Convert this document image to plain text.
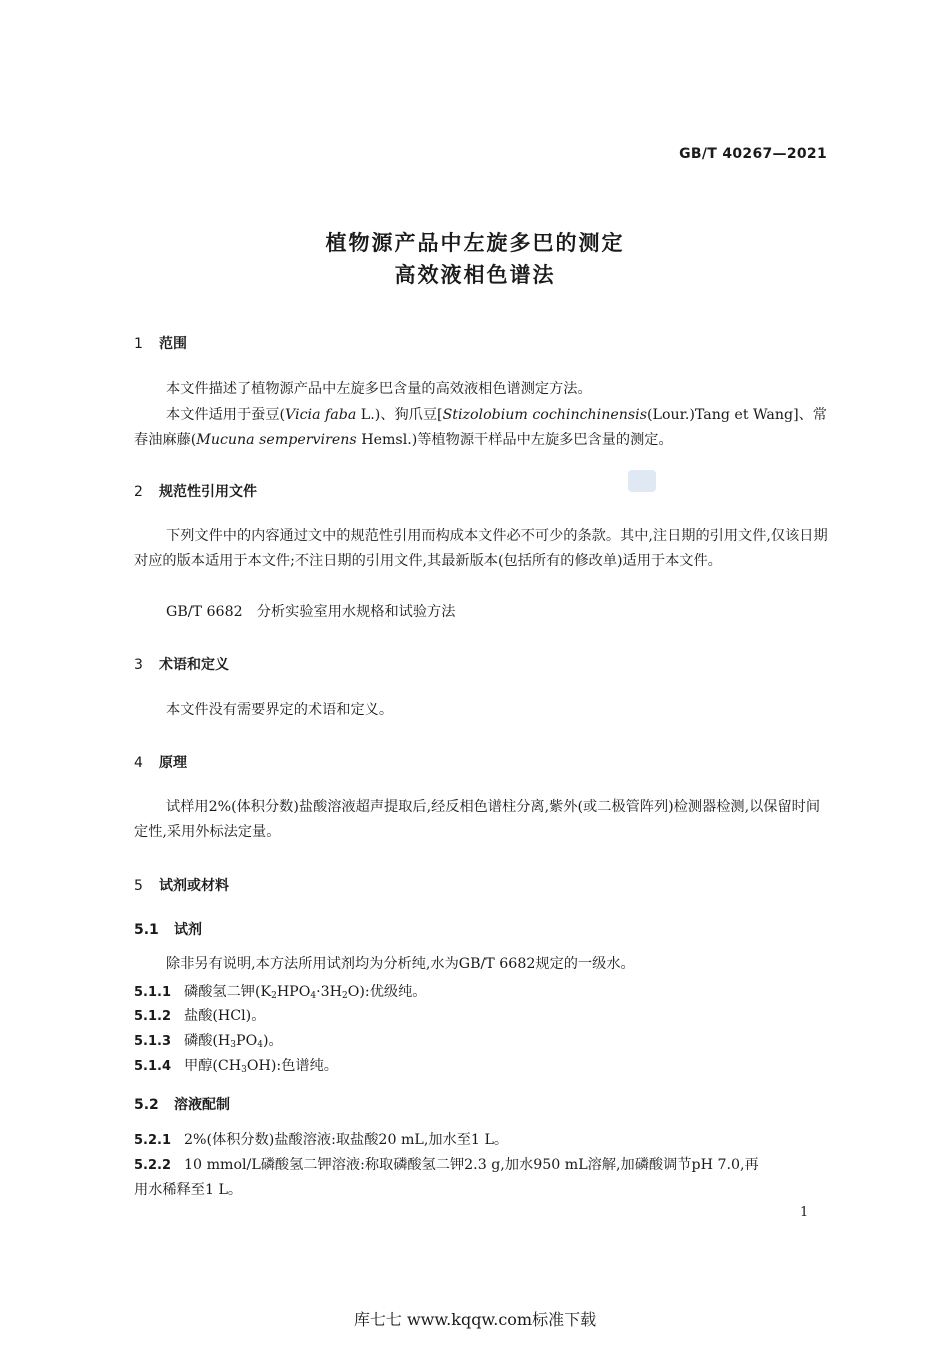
GB/T 40267—2021
植物源产品中左旋多巴的测定
高效液相色谱法
1 范围
本文件描述了植物源产品中左旋多巴含量的高效液相色谱测定方法。
本文件适用于蚕豆(Vicia faba L.)、狗爪豆[Stizolobium cochinchinensis(Lour.)Tang et Wang]、常春油麻藤(Mucuna sempervirens Hemsl.)等植物源干样品中左旋多巴含量的测定。
2 规范性引用文件
下列文件中的内容通过文中的规范性引用而构成本文件必不可少的条款。其中,注日期的引用文件,仅该日期对应的版本适用于本文件;不注日期的引用文件,其最新版本(包括所有的修改单)适用于本文件。
GB/T 6682　分析实验室用水规格和试验方法
3 术语和定义
本文件没有需要界定的术语和定义。
4 原理
试样用2%(体积分数)盐酸溶液超声提取后,经反相色谱柱分离,紫外(或二极管阵列)检测器检测,以保留时间定性,采用外标法定量。
5 试剂或材料
5.1 试剂
除非另有说明,本方法所用试剂均为分析纯,水为GB/T 6682规定的一级水。
5.1.1 磷酸氢二钾$(K_2HPO_4\cdot 3H_2O)$:优级纯。
5.1.2 盐酸(HCl)。
5.1.3 磷酸$(H_3PO_4)$。
5.1.4 甲醇$(CH_3OH)$:色谱纯。
5.2 溶液配制
5.2.1 2%(体积分数)盐酸溶液:取盐酸20 mL,加水至1 L。
5.2.2 10 mmol/L磷酸氢二钾溶液:称取磷酸氢二钾2.3 g,加水950 mL溶解,加磷酸调节pH 7.0,再
用水稀释至1 L。
1
库七七 www.kqqw.com标准下载
